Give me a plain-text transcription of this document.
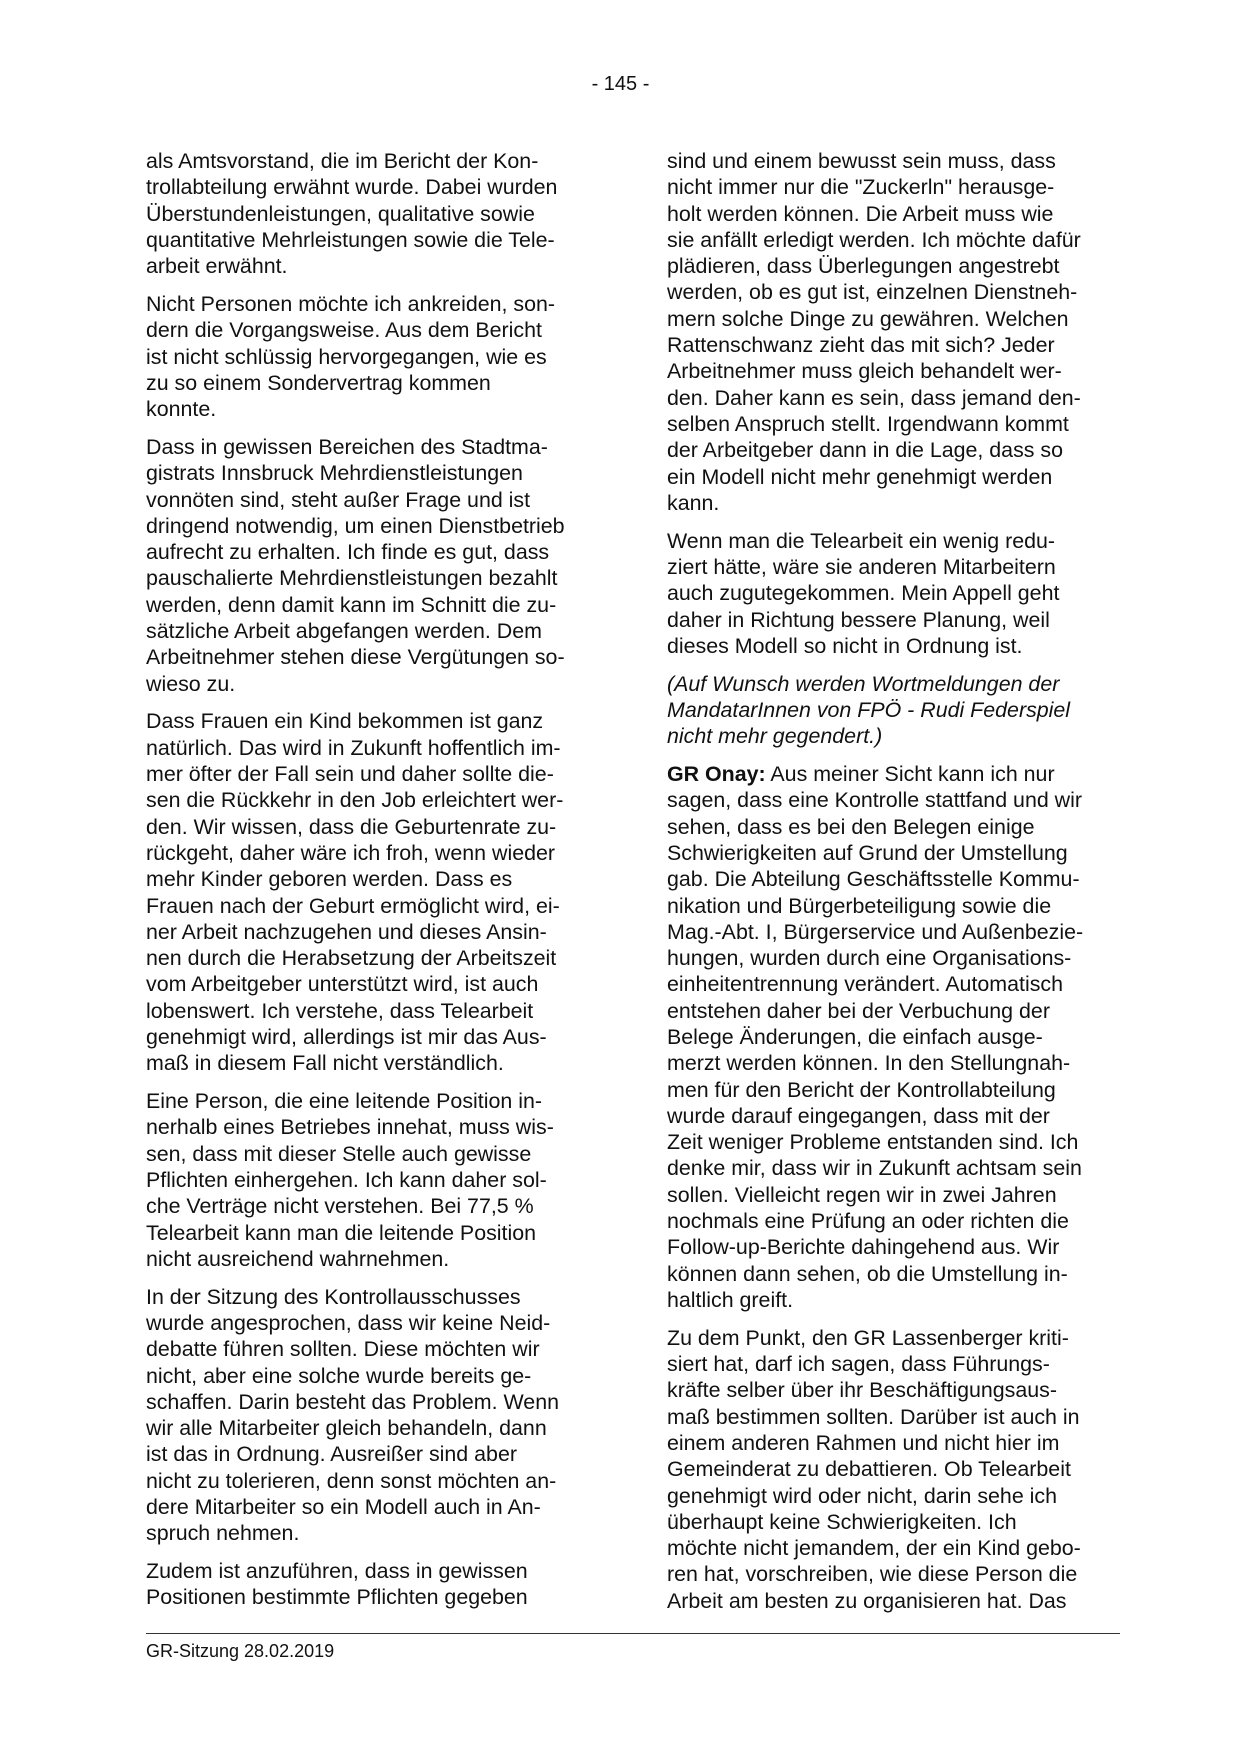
- 145 -

als Amtsvorstand, die im Bericht der Kon-
trollabteilung erwähnt wurde. Dabei wurden
Überstundenleistungen, qualitative sowie
quantitative Mehrleistungen sowie die Tele-
arbeit erwähnt.

Nicht Personen möchte ich ankreiden, son-
dern die Vorgangsweise. Aus dem Bericht
ist nicht schlüssig hervorgegangen, wie es
zu so einem Sondervertrag kommen
konnte.

Dass in gewissen Bereichen des Stadtma-
gistrats Innsbruck Mehrdienstleistungen
vonnöten sind, steht außer Frage und ist
dringend notwendig, um einen Dienstbetrieb
aufrecht zu erhalten. Ich finde es gut, dass
pauschalierte Mehrdienstleistungen bezahlt
werden, denn damit kann im Schnitt die zu-
sätzliche Arbeit abgefangen werden. Dem
Arbeitnehmer stehen diese Vergütungen so-
wieso zu.

Dass Frauen ein Kind bekommen ist ganz
natürlich. Das wird in Zukunft hoffentlich im-
mer öfter der Fall sein und daher sollte die-
sen die Rückkehr in den Job erleichtert wer-
den. Wir wissen, dass die Geburtenrate zu-
rückgeht, daher wäre ich froh, wenn wieder
mehr Kinder geboren werden. Dass es
Frauen nach der Geburt ermöglicht wird, ei-
ner Arbeit nachzugehen und dieses Ansin-
nen durch die Herabsetzung der Arbeitszeit
vom Arbeitgeber unterstützt wird, ist auch
lobenswert. Ich verstehe, dass Telearbeit
genehmigt wird, allerdings ist mir das Aus-
maß in diesem Fall nicht verständlich.

Eine Person, die eine leitende Position in-
nerhalb eines Betriebes innehat, muss wis-
sen, dass mit dieser Stelle auch gewisse
Pflichten einhergehen. Ich kann daher sol-
che Verträge nicht verstehen. Bei 77,5 %
Telearbeit kann man die leitende Position
nicht ausreichend wahrnehmen.

In der Sitzung des Kontrollausschusses
wurde angesprochen, dass wir keine Neid-
debatte führen sollten. Diese möchten wir
nicht, aber eine solche wurde bereits ge-
schaffen. Darin besteht das Problem. Wenn
wir alle Mitarbeiter gleich behandeln, dann
ist das in Ordnung. Ausreißer sind aber
nicht zu tolerieren, denn sonst möchten an-
dere Mitarbeiter so ein Modell auch in An-
spruch nehmen.

Zudem ist anzuführen, dass in gewissen
Positionen bestimmte Pflichten gegeben

sind und einem bewusst sein muss, dass
nicht immer nur die "Zuckerln" herausge-
holt werden können. Die Arbeit muss wie
sie anfällt erledigt werden. Ich möchte dafür
plädieren, dass Überlegungen angestrebt
werden, ob es gut ist, einzelnen Dienstneh-
mern solche Dinge zu gewähren. Welchen
Rattenschwanz zieht das mit sich? Jeder
Arbeitnehmer muss gleich behandelt wer-
den. Daher kann es sein, dass jemand den-
selben Anspruch stellt. Irgendwann kommt
der Arbeitgeber dann in die Lage, dass so
ein Modell nicht mehr genehmigt werden
kann.

Wenn man die Telearbeit ein wenig redu-
ziert hätte, wäre sie anderen Mitarbeitern
auch zugutegekommen. Mein Appell geht
daher in Richtung bessere Planung, weil
dieses Modell so nicht in Ordnung ist.

(Auf Wunsch werden Wortmeldungen der
MandatarInnen von FPÖ - Rudi Federspiel
nicht mehr gegendert.)

GR Onay: Aus meiner Sicht kann ich nur
sagen, dass eine Kontrolle stattfand und wir
sehen, dass es bei den Belegen einige
Schwierigkeiten auf Grund der Umstellung
gab. Die Abteilung Geschäftsstelle Kommu-
nikation und Bürgerbeteiligung sowie die
Mag.-Abt. I, Bürgerservice und Außenbezie-
hungen, wurden durch eine Organisations-
einheitentrennung verändert. Automatisch
entstehen daher bei der Verbuchung der
Belege Änderungen, die einfach ausge-
merzt werden können. In den Stellungnah-
men für den Bericht der Kontrollabteilung
wurde darauf eingegangen, dass mit der
Zeit weniger Probleme entstanden sind. Ich
denke mir, dass wir in Zukunft achtsam sein
sollen. Vielleicht regen wir in zwei Jahren
nochmals eine Prüfung an oder richten die
Follow-up-Berichte dahingehend aus. Wir
können dann sehen, ob die Umstellung in-
haltlich greift.

Zu dem Punkt, den GR Lassenberger kriti-
siert hat, darf ich sagen, dass Führungs-
kräfte selber über ihr Beschäftigungsaus-
maß bestimmen sollten. Darüber ist auch in
einem anderen Rahmen und nicht hier im
Gemeinderat zu debattieren. Ob Telearbeit
genehmigt wird oder nicht, darin sehe ich
überhaupt keine Schwierigkeiten. Ich
möchte nicht jemandem, der ein Kind gebo-
ren hat, vorschreiben, wie diese Person die
Arbeit am besten zu organisieren hat. Das

GR-Sitzung 28.02.2019
